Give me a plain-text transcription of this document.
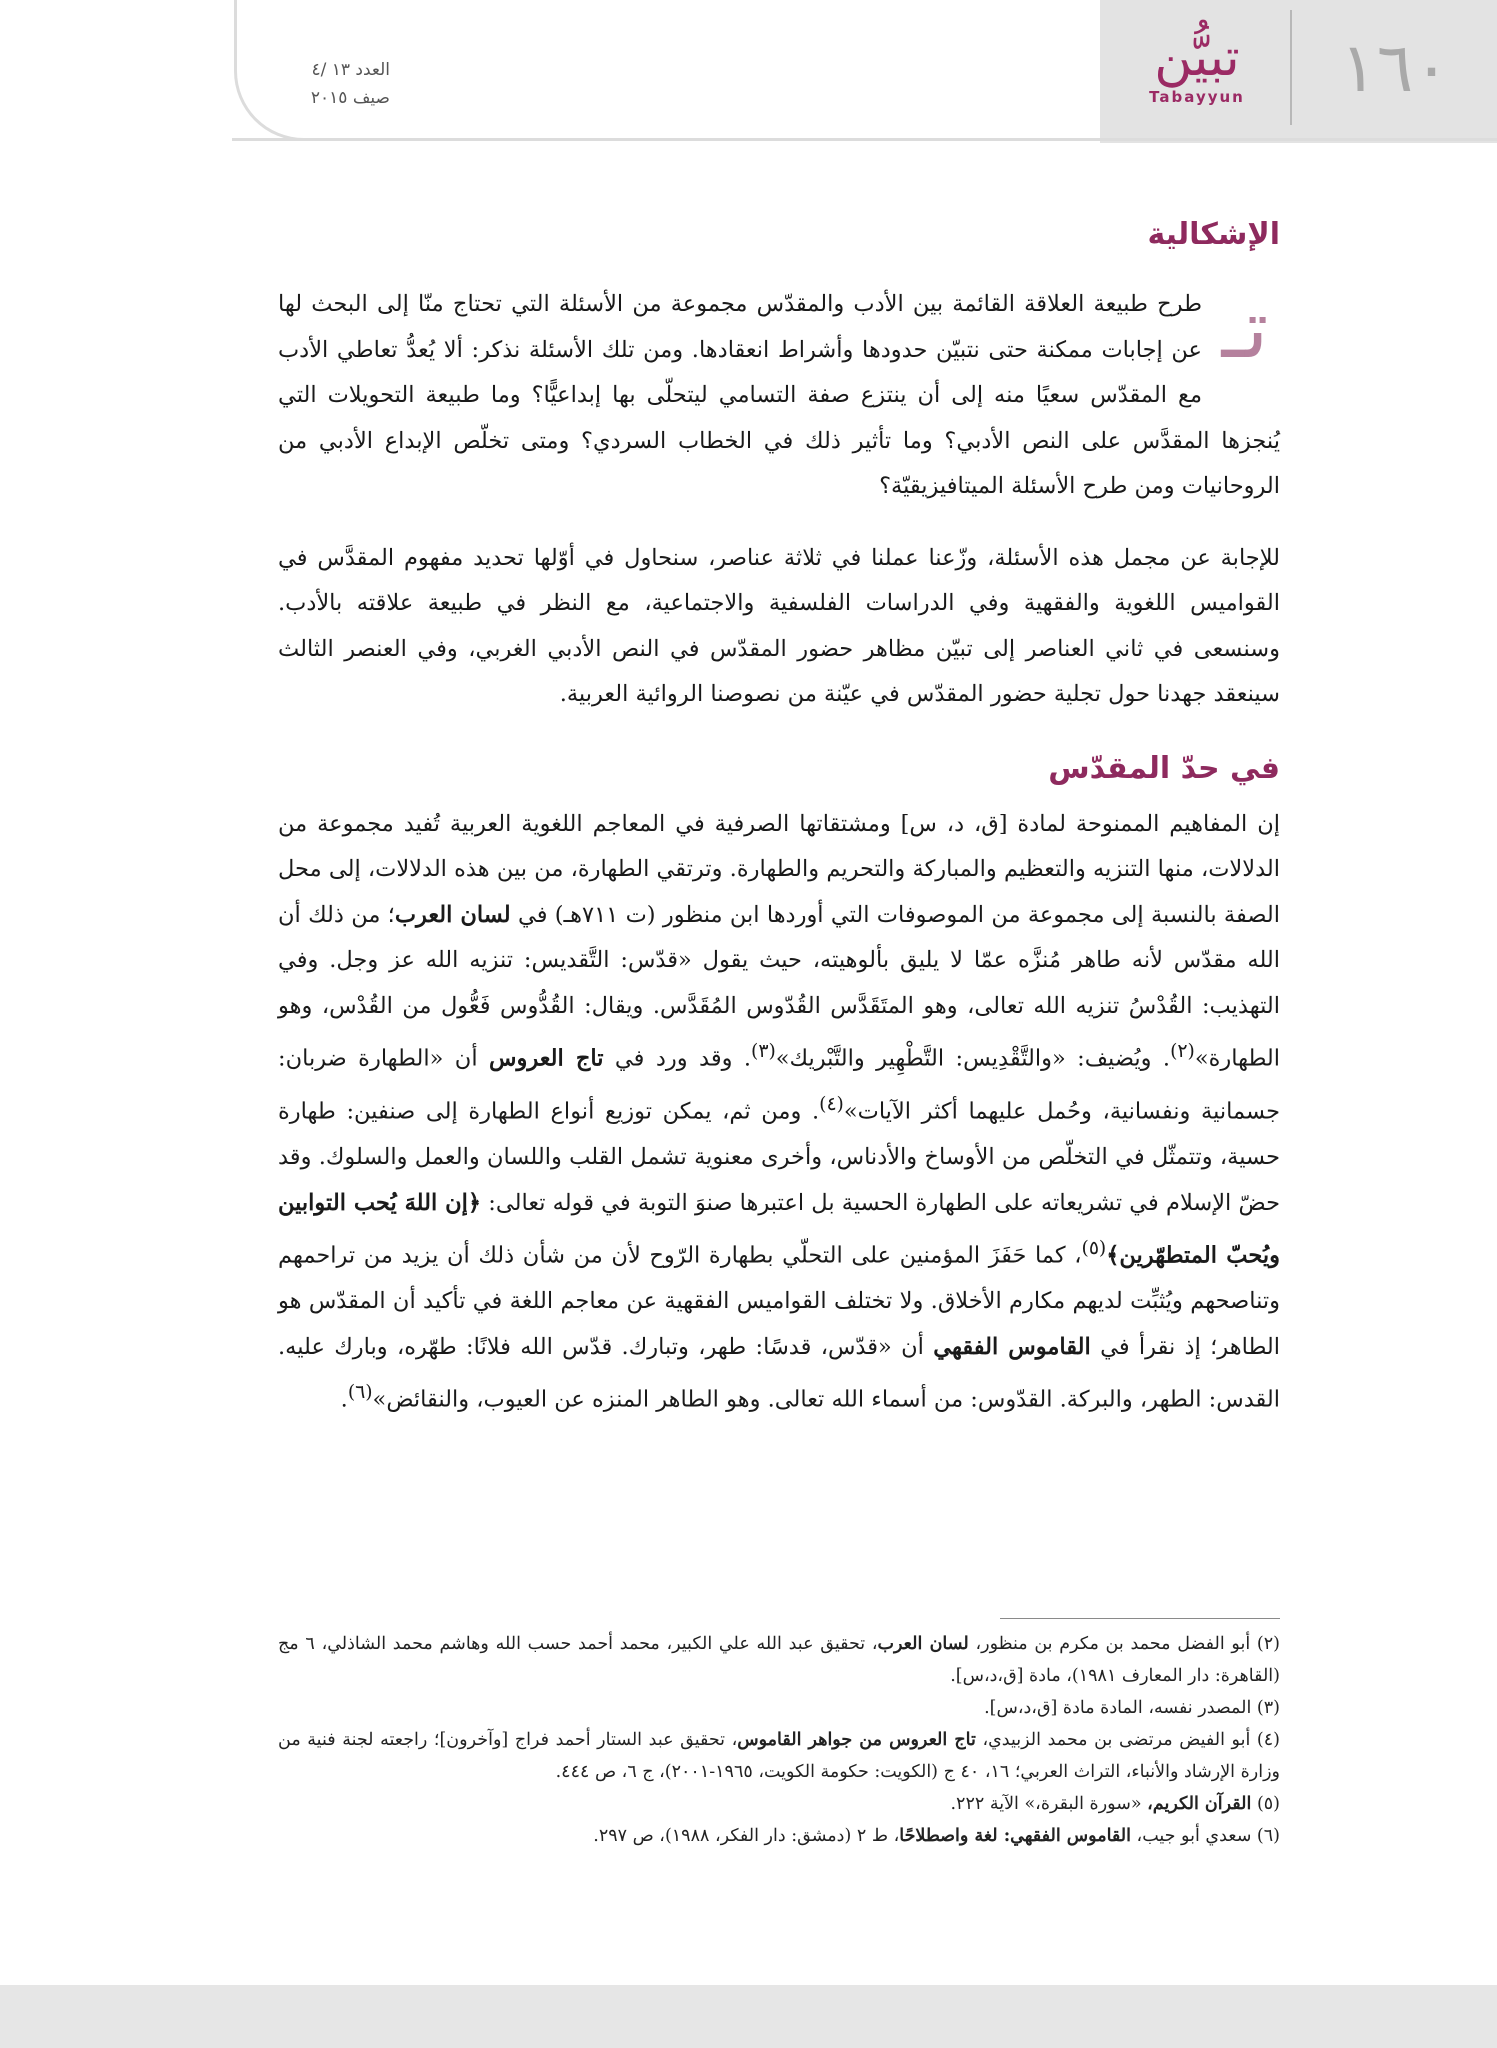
١٦٠
تبيُّن
Tabayyun
العدد ١٣ /٤
صيف ٢٠١٥
الإشكالية
تـ

طرح طبيعة العلاقة القائمة بين الأدب والمقدّس مجموعة من الأسئلة التي تحتاج منّا إلى البحث لها عن إجابات ممكنة حتى نتبيّن حدودها وأشراط انعقادها. ومن تلك الأسئلة نذكر: ألا يُعدُّ تعاطي الأدب مع المقدّس سعيًا منه إلى أن ينتزع صفة التسامي ليتحلّى بها إبداعيًّا؟ وما طبيعة التحويلات التي يُنجزها المقدَّس على النص الأدبي؟ وما تأثير ذلك في الخطاب السردي؟ ومتى تخلّص الإبداع الأدبي من الروحانيات ومن طرح الأسئلة الميتافيزيقيّة؟

للإجابة عن مجمل هذه الأسئلة، وزّعنا عملنا في ثلاثة عناصر، سنحاول في أوّلها تحديد مفهوم المقدَّس في القواميس اللغوية والفقهية وفي الدراسات الفلسفية والاجتماعية، مع النظر في طبيعة علاقته بالأدب. وسنسعى في ثاني العناصر إلى تبيّن مظاهر حضور المقدّس في النص الأدبي الغربي، وفي العنصر الثالث سينعقد جهدنا حول تجلية حضور المقدّس في عيّنة من نصوصنا الروائية العربية.

في حدّ المقدّس

إن المفاهيم الممنوحة لمادة [ق، د، س] ومشتقاتها الصرفية في المعاجم اللغوية العربية تُفيد مجموعة من الدلالات، منها التنزيه والتعظيم والمباركة والتحريم والطهارة. وترتقي الطهارة، من بين هذه الدلالات، إلى محل الصفة بالنسبة إلى مجموعة من الموصوفات التي أوردها ابن منظور (ت ٧١١هـ) في لسان العرب؛ من ذلك أن الله مقدّس لأنه طاهر مُنزَّه عمّا لا يليق بألوهيته، حيث يقول «قدّس: التَّقديس: تنزيه الله عز وجل. وفي التهذيب: القُدْسُ تنزيه الله تعالى، وهو المتَقَدَّس القُدّوس المُقَدَّس. ويقال: القُدُّوس فَعُّول من القُدْس، وهو الطهارة»$^{(٢)}$. ويُضيف: «والتَّقْدِيس: التَّطْهِير والتَّبْريك»$^{(٣)}$. وقد ورد في تاج العروس أن «الطهارة ضربان: جسمانية ونفسانية، وحُمل عليهما أكثر الآيات»$^{(٤)}$. ومن ثم، يمكن توزيع أنواع الطهارة إلى صنفين: طهارة حسية، وتتمثّل في التخلّص من الأوساخ والأدناس، وأخرى معنوية تشمل القلب واللسان والعمل والسلوك. وقد حضّ الإسلام في تشريعاته على الطهارة الحسية بل اعتبرها صنوَ التوبة في قوله تعالى: ﴿إن اللهَ يُحب التوابين ويُحبّ المتطهّرين﴾$^{(٥)}$، كما حَفَزَ المؤمنين على التحلّي بطهارة الرّوح لأن من شأن ذلك أن يزيد من تراحمهم وتناصحهم ويُثبِّت لديهم مكارم الأخلاق. ولا تختلف القواميس الفقهية عن معاجم اللغة في تأكيد أن المقدّس هو الطاهر؛ إذ نقرأ في القاموس الفقهي أن «قدّس، قدسًا: طهر، وتبارك. قدّس الله فلانًا: طهّره، وبارك عليه. القدس: الطهر، والبركة. القدّوس: من أسماء الله تعالى. وهو الطاهر المنزه عن العيوب، والنقائض»$^{(٦)}$.

(٢) أبو الفضل محمد بن مكرم بن منظور، لسان العرب، تحقيق عبد الله علي الكبير، محمد أحمد حسب الله وهاشم محمد الشاذلي، ٦ مج (القاهرة: دار المعارف ١٩٨١)، مادة [ق،د،س].

(٣) المصدر نفسه، المادة مادة [ق،د،س].

(٤) أبو الفيض مرتضى بن محمد الزبيدي، تاج العروس من جواهر القاموس، تحقيق عبد الستار أحمد فراج [وآخرون]؛ راجعته لجنة فنية من وزارة الإرشاد والأنباء، التراث العربي؛ ١٦، ٤٠ ج (الكويت: حكومة الكويت، ١٩٦٥-٢٠٠١)، ج ٦، ص ٤٤٤.

(٥) القرآن الكريم، «سورة البقرة،» الآية ٢٢٢.

(٦) سعدي أبو جيب، القاموس الفقهي: لغة واصطلاحًا، ط ٢ (دمشق: دار الفكر، ١٩٨٨)، ص ٢٩٧.
